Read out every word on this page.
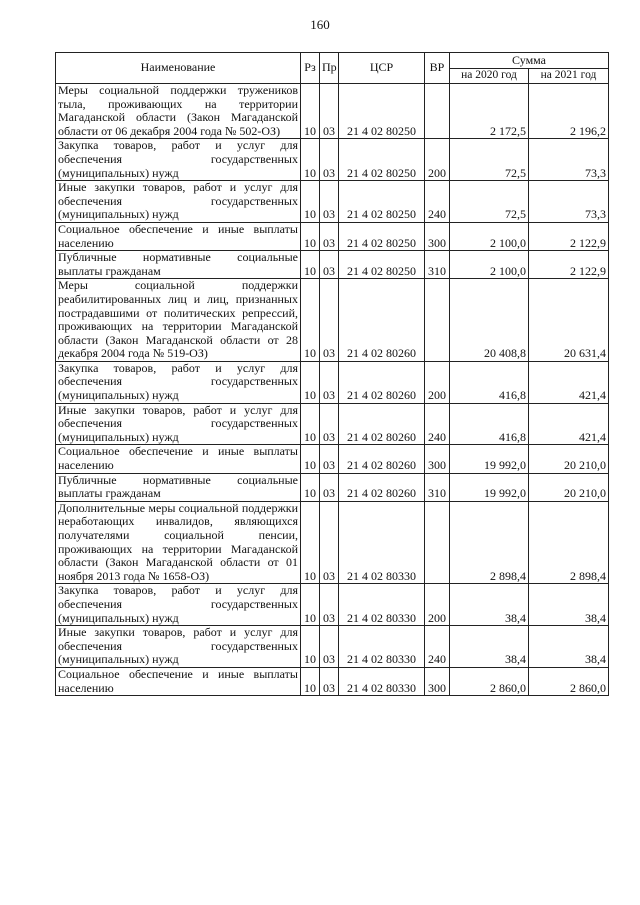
160
Наименование	Рз	Пр	ЦСР	ВР	Сумма	
					на 2020 год	на 2021 год
Меры социальной поддержки тружеников тыла, проживающих на территории Магаданской области (Закон Магаданской области от 06 декабря 2004 года № 502-ОЗ)	10	03	21 4 02 80250		2 172,5	2 196,2
Закупка товаров, работ и услуг для обеспечения государственных (муниципальных) нужд	10	03	21 4 02 80250	200	72,5	73,3
Иные закупки товаров, работ и услуг для обеспечения государственных (муниципальных) нужд	10	03	21 4 02 80250	240	72,5	73,3
Социальное обеспечение и иные выплаты населению	10	03	21 4 02 80250	300	2 100,0	2 122,9
Публичные нормативные социальные выплаты гражданам	10	03	21 4 02 80250	310	2 100,0	2 122,9
Меры социальной поддержки реабилитированных лиц и лиц, признанных пострадавшими от политических репрессий, проживающих на территории Магаданской области (Закон Магаданской области от 28 декабря 2004 года № 519-ОЗ)	10	03	21 4 02 80260		20 408,8	20 631,4
Закупка товаров, работ и услуг для обеспечения государственных (муниципальных) нужд	10	03	21 4 02 80260	200	416,8	421,4
Иные закупки товаров, работ и услуг для обеспечения государственных (муниципальных) нужд	10	03	21 4 02 80260	240	416,8	421,4
Социальное обеспечение и иные выплаты населению	10	03	21 4 02 80260	300	19 992,0	20 210,0
Публичные нормативные социальные выплаты гражданам	10	03	21 4 02 80260	310	19 992,0	20 210,0
Дополнительные меры социальной поддержки неработающих инвалидов, являющихся получателями социальной пенсии, проживающих на территории Магаданской области (Закон Магаданской области от 01 ноября 2013 года № 1658-ОЗ)	10	03	21 4 02 80330		2 898,4	2 898,4
Закупка товаров, работ и услуг для обеспечения государственных (муниципальных) нужд	10	03	21 4 02 80330	200	38,4	38,4
Иные закупки товаров, работ и услуг для обеспечения государственных (муниципальных) нужд	10	03	21 4 02 80330	240	38,4	38,4
Социальное обеспечение и иные выплаты населению	10	03	21 4 02 80330	300	2 860,0	2 860,0
